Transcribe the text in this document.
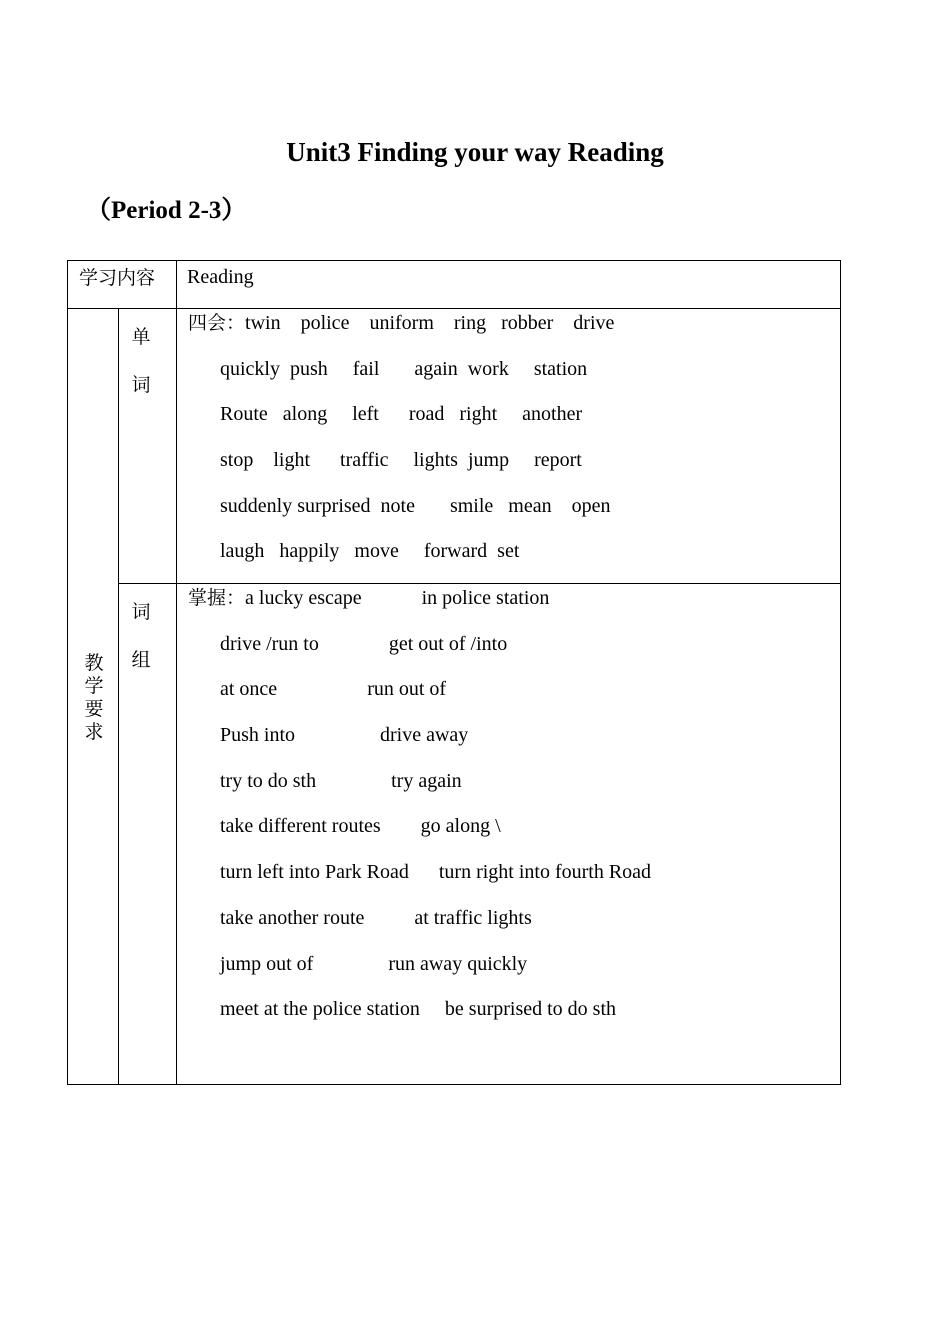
Unit3 Finding your way Reading
（Period 2-3）
学习内容 Reading
教
学
要
求
单
词
四会：twin    police    uniform    ring   robber    drive
quickly  push     fail       again  work     station
Route   along     left      road   right     another
stop    light      traffic     lights  jump     report
suddenly surprised  note       smile   mean    open
laugh   happily   move     forward  set
词
组
掌握：a lucky escape            in police station
drive /run to              get out of /into
at once                  run out of
Push into                 drive away
try to do sth               try again
take different routes        go along \
turn left into Park Road      turn right into fourth Road
take another route          at traffic lights
jump out of               run away quickly
meet at the police station     be surprised to do sth
